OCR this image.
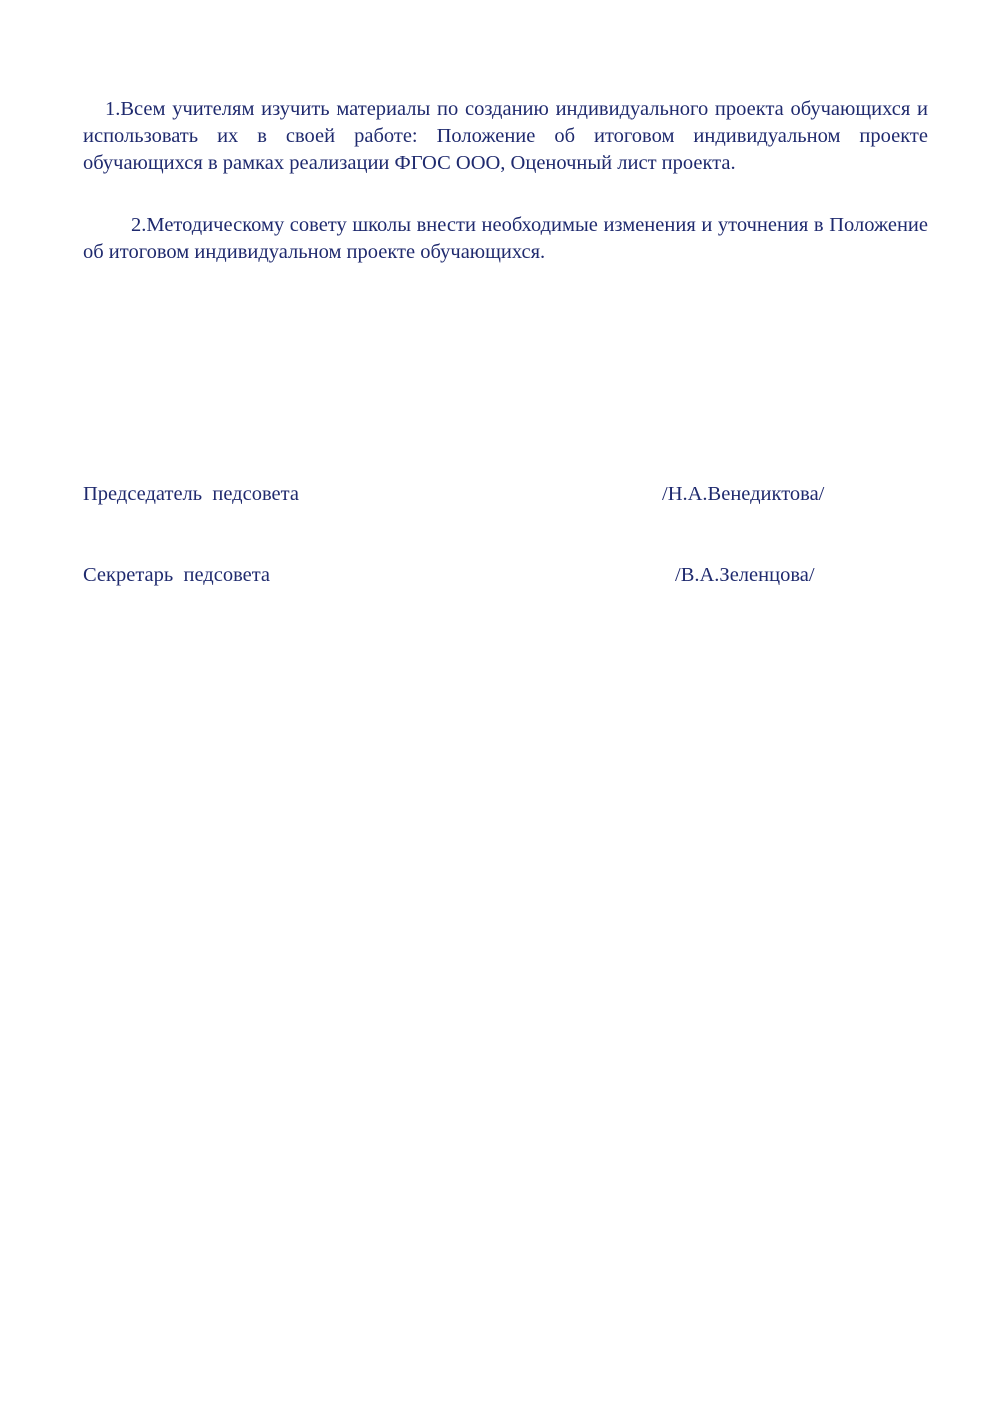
1.Всем учителям изучить материалы по созданию индивидуального проекта обучающихся и использовать их в своей работе: Положение об итоговом индивидуальном проекте обучающихся в рамках реализации ФГОС ООО, Оценочный лист проекта.

2.Методическому совету школы внести необходимые изменения и уточнения в Положение об итоговом индивидуальном проекте обучающихся.

Председатель  педсовета	/Н.А.Венедиктова/
Секретарь  педсовета	/В.А.Зеленцова/
